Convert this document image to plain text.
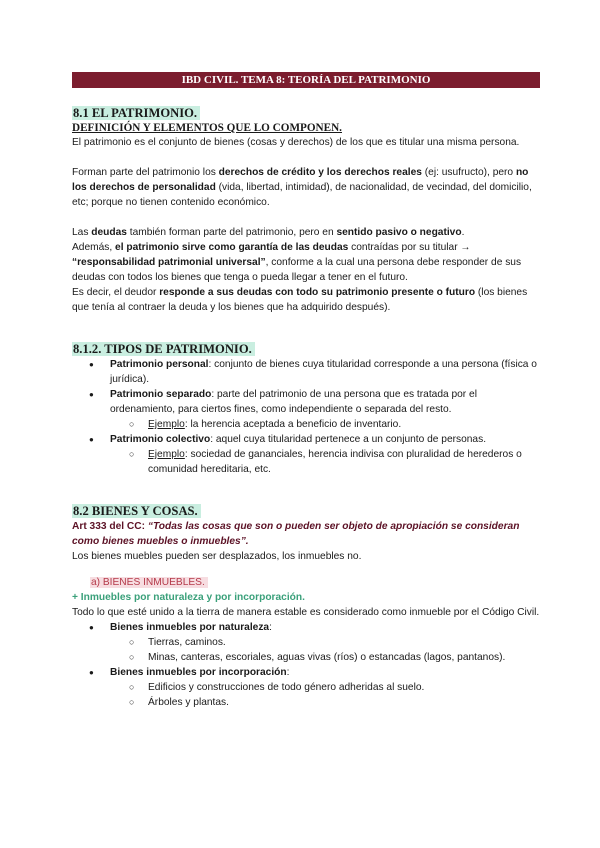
IBD CIVIL. TEMA 8: TEORÍA DEL PATRIMONIO
8.1 EL PATRIMONIO.
DEFINICIÓN Y ELEMENTOS QUE LO COMPONEN.

El patrimonio es el conjunto de bienes (cosas y derechos) de los que es titular una misma persona.

Forman parte del patrimonio los derechos de crédito y los derechos reales (ej: usufructo), pero no los derechos de personalidad (vida, libertad, intimidad), de nacionalidad, de vecindad, del domicilio, etc; porque no tienen contenido económico.

Las deudas también forman parte del patrimonio, pero en sentido pasivo o negativo.

Además, el patrimonio sirve como garantía de las deudas contraídas por su titular → “responsabilidad patrimonial universal”, conforme a la cual una persona debe responder de sus deudas con todos los bienes que tenga o pueda llegar a tener en el futuro.

Es decir, el deudor responde a sus deudas con todo su patrimonio presente o futuro (los bienes que tenía al contraer la deuda y los bienes que ha adquirido después).

8.1.2. TIPOS DE PATRIMONIO.
● Patrimonio personal: conjunto de bienes cuya titularidad corresponde a una persona (física o jurídica).
● Patrimonio separado: parte del patrimonio de una persona que es tratada por el ordenamiento, para ciertos fines, como independiente o separada del resto.
○ Ejemplo: la herencia aceptada a beneficio de inventario.
● Patrimonio colectivo: aquel cuya titularidad pertenece a un conjunto de personas.
○ Ejemplo: sociedad de gananciales, herencia indivisa con pluralidad de herederos o comunidad hereditaria, etc.
8.2 BIENES Y COSAS.

Art 333 del CC: “Todas las cosas que son o pueden ser objeto de apropiación se consideran como bienes muebles o inmuebles”.

Los bienes muebles pueden ser desplazados, los inmuebles no.

a) BIENES INMUEBLES.
+ Inmuebles por naturaleza y por incorporación.

Todo lo que esté unido a la tierra de manera estable es considerado como inmueble por el Código Civil.

● Bienes inmuebles por naturaleza:
○ Tierras, caminos.
○ Minas, canteras, escoriales, aguas vivas (ríos) o estancadas (lagos, pantanos).
● Bienes inmuebles por incorporación:
○ Edificios y construcciones de todo género adheridas al suelo.
○ Árboles y plantas.
